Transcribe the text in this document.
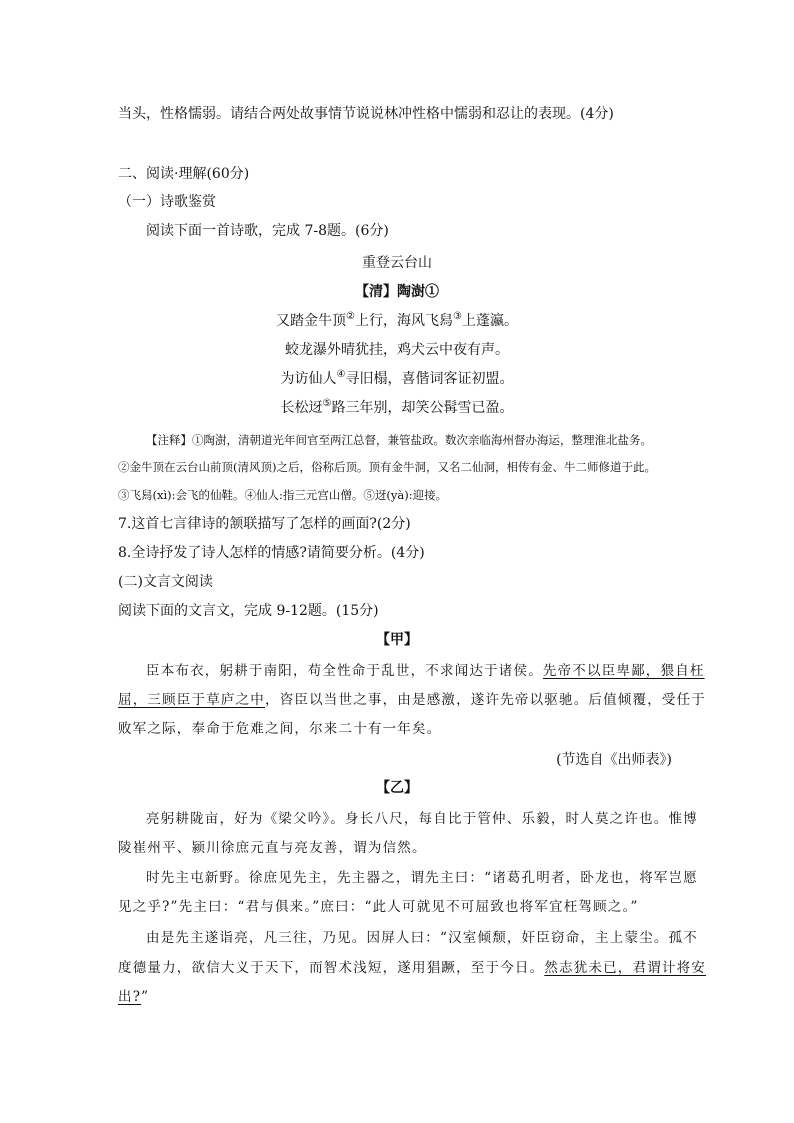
当头，性格懦弱。请结合两处故事情节说说林冲性格中懦弱和忍让的表现。(4分)
二、阅读·理解(60分)
（一）诗歌鉴赏
阅读下面一首诗歌，完成 7-8题。(6分)
重登云台山
【清】陶澍①
又踏金牛顶②上行，海风飞舄③上蓬瀛。
蛟龙瀑外晴犹挂，鸡犬云中夜有声。
为访仙人④寻旧榻，喜偕词客证初盟。
长松迓⑤路三年别，却笑公髯雪已盈。
【注释】①陶澍，清朝道光年间官至两江总督，兼管盐政。数次亲临海州督办海运，整理淮北盐务。
②金牛顶在云台山前顶(清风顶)之后，俗称后顶。顶有金牛洞，又名二仙洞，相传有金、牛二师修道于此。
③飞舄(xì):会飞的仙鞋。④仙人:指三元宫山僧。⑤迓(yà):迎接。
7.这首七言律诗的颔联描写了怎样的画面?(2分)
8.全诗抒发了诗人怎样的情感?请简要分析。(4分)
(二)文言文阅读
阅读下面的文言文，完成 9-12题。(15分)
【甲】
臣本布衣，躬耕于南阳，苟全性命于乱世，不求闻达于诸侯。先帝不以臣卑鄙，猥自枉
屈，三顾臣于草庐之中，咨臣以当世之事，由是感激，遂许先帝以驱驰。后值倾覆，受任于
败军之际，奉命于危难之间，尔来二十有一年矣。
(节选自《出师表》)
【乙】
亮躬耕陇亩，好为《梁父吟》。身长八尺，每自比于管仲、乐毅，时人莫之许也。惟博
陵崔州平、颍川徐庶元直与亮友善，谓为信然。
时先主屯新野。徐庶见先主，先主器之，谓先主曰：“诸葛孔明者，卧龙也，将军岂愿
见之乎?”先主曰：“君与俱来。”庶曰：“此人可就见不可屈致也将军宜枉驾顾之。”
由是先主遂诣亮，凡三往，乃见。因屏人曰：“汉室倾颓，奸臣窃命，主上蒙尘。孤不
度德量力，欲信大义于天下，而智术浅短，遂用猖蹶，至于今日。然志犹未已，君谓计将安
出?”
